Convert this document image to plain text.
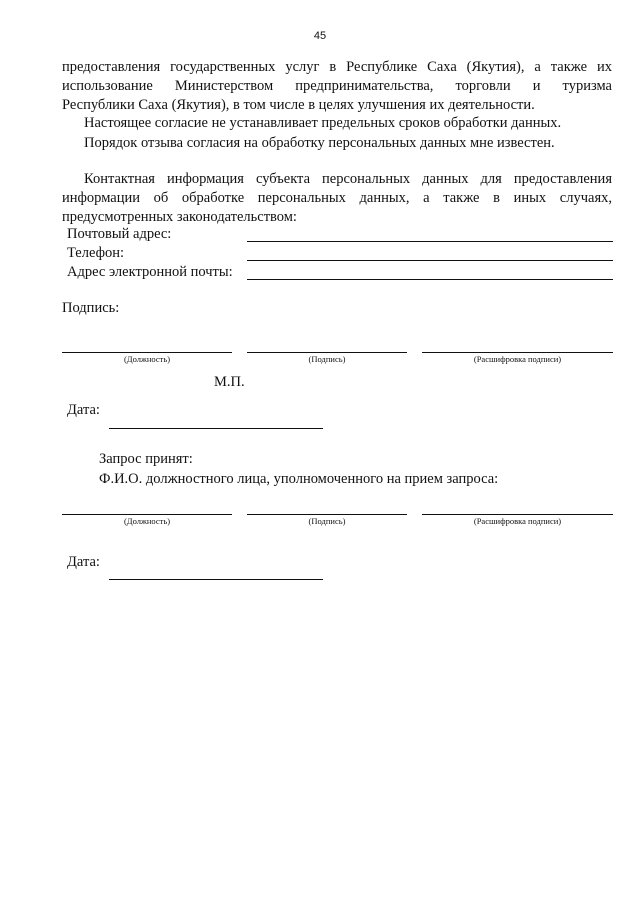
45
предоставления государственных услуг в Республике Саха (Якутия), а также их
использование Министерством предпринимательства, торговли и туризма
Республики Саха (Якутия), в том числе в целях улучшения их деятельности.
Настоящее согласие не устанавливает предельных сроков обработки данных.
Порядок отзыва согласия на обработку персональных данных мне известен.
Контактная информация субъекта персональных данных для предоставления
информации об обработке персональных данных, а также в иных случаях,
предусмотренных законодательством:
Почтовый адрес:
Телефон:
Адрес электронной почты:
Подпись:
(Должность)	(Подпись)	(Расшифровка подписи)
М.П.
Дата:
Запрос принят:
Ф.И.О. должностного лица, уполномоченного на прием запроса:
(Должность)	(Подпись)	(Расшифровка подписи)
Дата:
